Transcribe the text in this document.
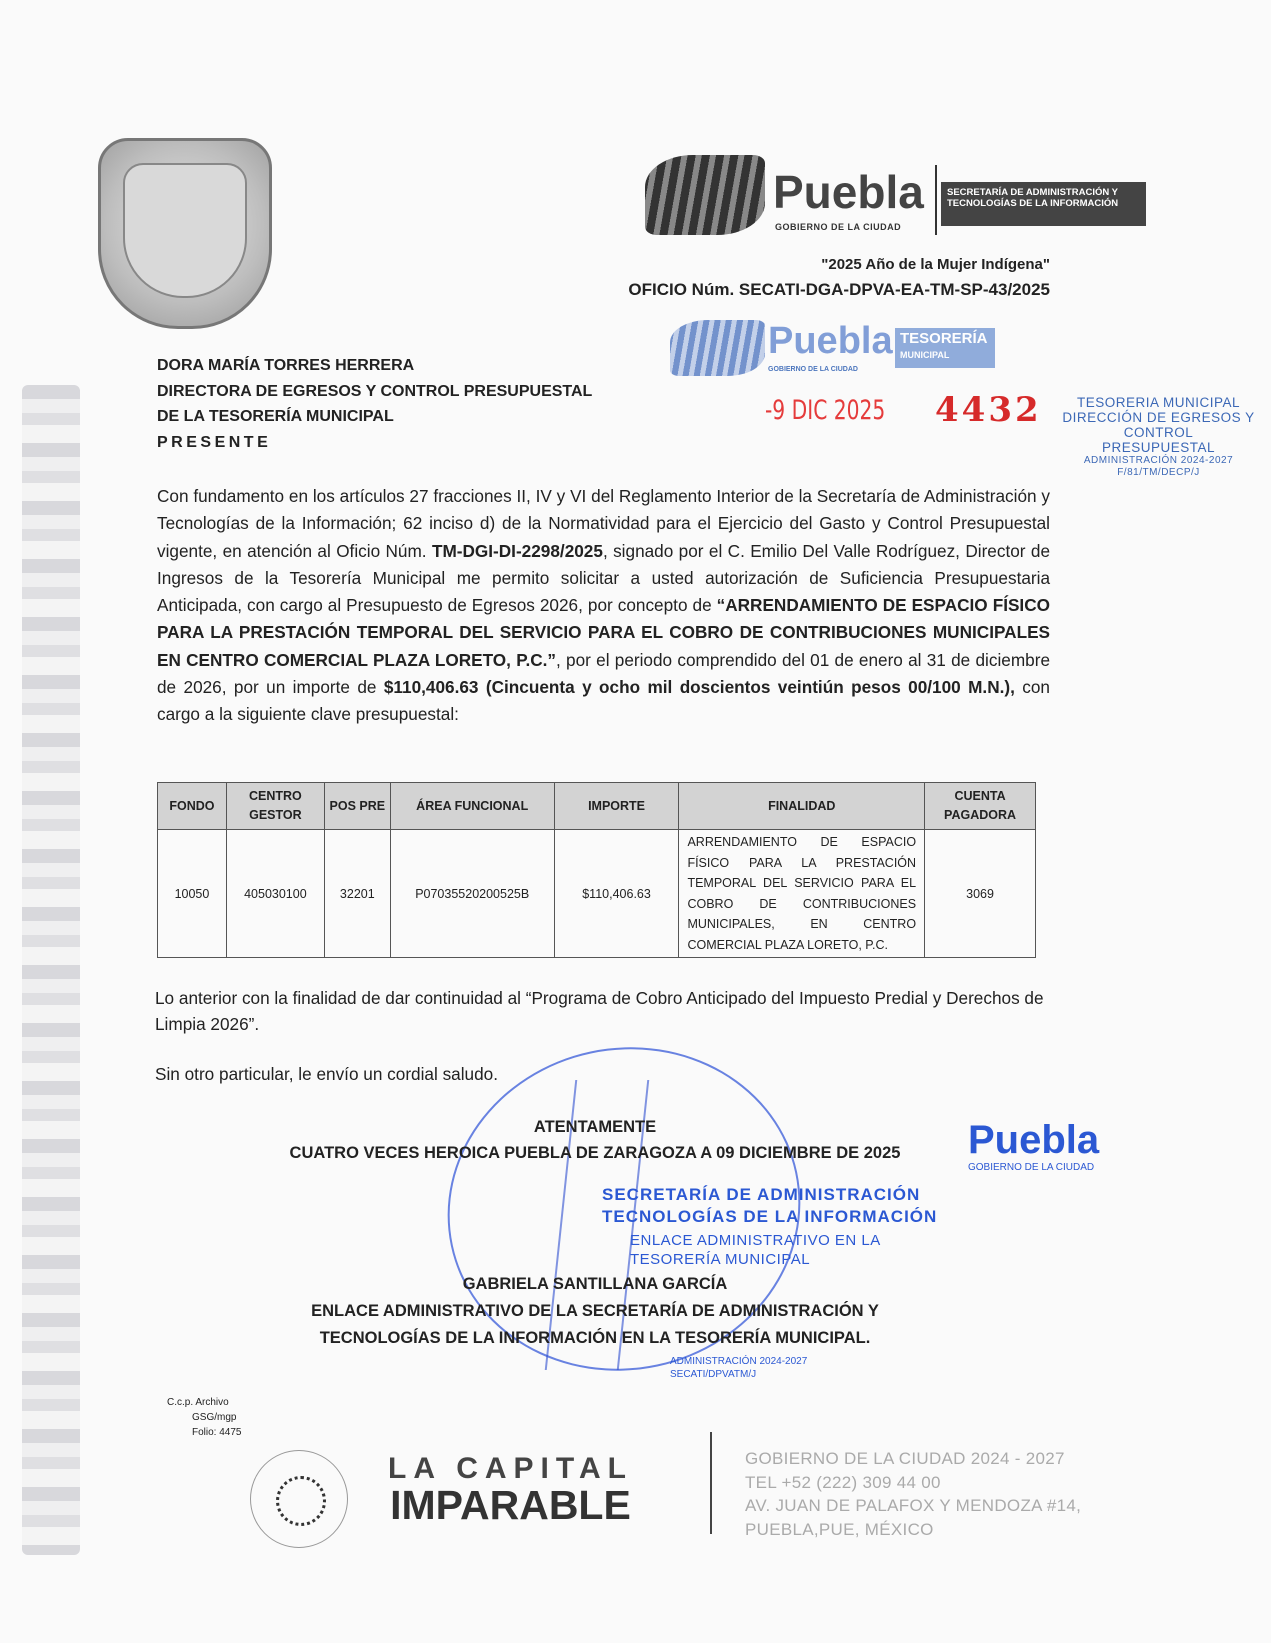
Puebla
GOBIERNO DE LA CIUDAD
SECRETARÍA DE ADMINISTRACIÓN Y TECNOLOGÍAS DE LA INFORMACIÓN
"2025 Año de la Mujer Indígena"
OFICIO Núm. SECATI-DGA-DPVA-EA-TM-SP-43/2025
Puebla
GOBIERNO DE LA CIUDAD
TESORERÍA
MUNICIPAL
-9 DIC 2025 4432	TESORERIA MUNICIPAL
DIRECCIÓN DE EGRESOS Y CONTROL
PRESUPUESTAL
ADMINISTRACIÓN 2024-2027
F/81/TM/DECP/J
DORA MARÍA TORRES HERRERA
DIRECTORA DE EGRESOS Y CONTROL PRESUPUESTAL
DE LA TESORERÍA MUNICIPAL
PRESENTE
Con fundamento en los artículos 27 fracciones II, IV y VI del Reglamento Interior de la Secretaría de Administración y Tecnologías de la Información; 62 inciso d) de la Normatividad para el Ejercicio del Gasto y Control Presupuestal vigente, en atención al Oficio Núm. TM-DGI-DI-2298/2025, signado por el C. Emilio Del Valle Rodríguez, Director de Ingresos de la Tesorería Municipal me permito solicitar a usted autorización de Suficiencia Presupuestaria Anticipada, con cargo al Presupuesto de Egresos 2026, por concepto de “ARRENDAMIENTO DE ESPACIO FÍSICO PARA LA PRESTACIÓN TEMPORAL DEL SERVICIO PARA EL COBRO DE CONTRIBUCIONES MUNICIPALES EN CENTRO COMERCIAL PLAZA LORETO, P.C.”, por el periodo comprendido del 01 de enero al 31 de diciembre de 2026, por un importe de $110,406.63 (Cincuenta y ocho mil doscientos veintiún pesos 00/100 M.N.), con cargo a la siguiente clave presupuestal:
FONDO	CENTRO GESTOR	POS PRE	ÁREA FUNCIONAL	IMPORTE	FINALIDAD	CUENTA PAGADORA
10050	405030100	32201	P07035520200525B	$110,406.63	ARRENDAMIENTO DE ESPACIO FÍSICO PARA LA PRESTACIÓN TEMPORAL DEL SERVICIO PARA EL COBRO DE CONTRIBUCIONES MUNICIPALES, EN CENTRO COMERCIAL PLAZA LORETO, P.C.	3069
Lo anterior con la finalidad de dar continuidad al “Programa de Cobro Anticipado del Impuesto Predial y Derechos de Limpia 2026”.
Sin otro particular, le envío un cordial saludo.
ATENTAMENTE
CUATRO VECES HEROICA PUEBLA DE ZARAGOZA A 09 DICIEMBRE DE 2025	Puebla
GOBIERNO DE LA CIUDAD
SECRETARÍA DE ADMINISTRACIÓN
TECNOLOGÍAS DE LA INFORMACIÓN
ENLACE ADMINISTRATIVO EN LA
TESORERÍA MUNICIPAL
GABRIELA SANTILLANA GARCÍA
ENLACE ADMINISTRATIVO DE LA SECRETARÍA DE ADMINISTRACIÓN Y
TECNOLOGÍAS DE LA INFORMACIÓN EN LA TESORERÍA MUNICIPAL.
ADMINISTRACIÓN 2024-2027
SECATI/DPVATM/J
C.c.p. Archivo
GSG/mgp
Folio: 4475
LA CAPITAL
IMPARABLE
GOBIERNO DE LA CIUDAD 2024 - 2027
TEL +52 (222) 309 44 00
AV. JUAN DE PALAFOX Y MENDOZA #14,
PUEBLA,PUE, MÉXICO
